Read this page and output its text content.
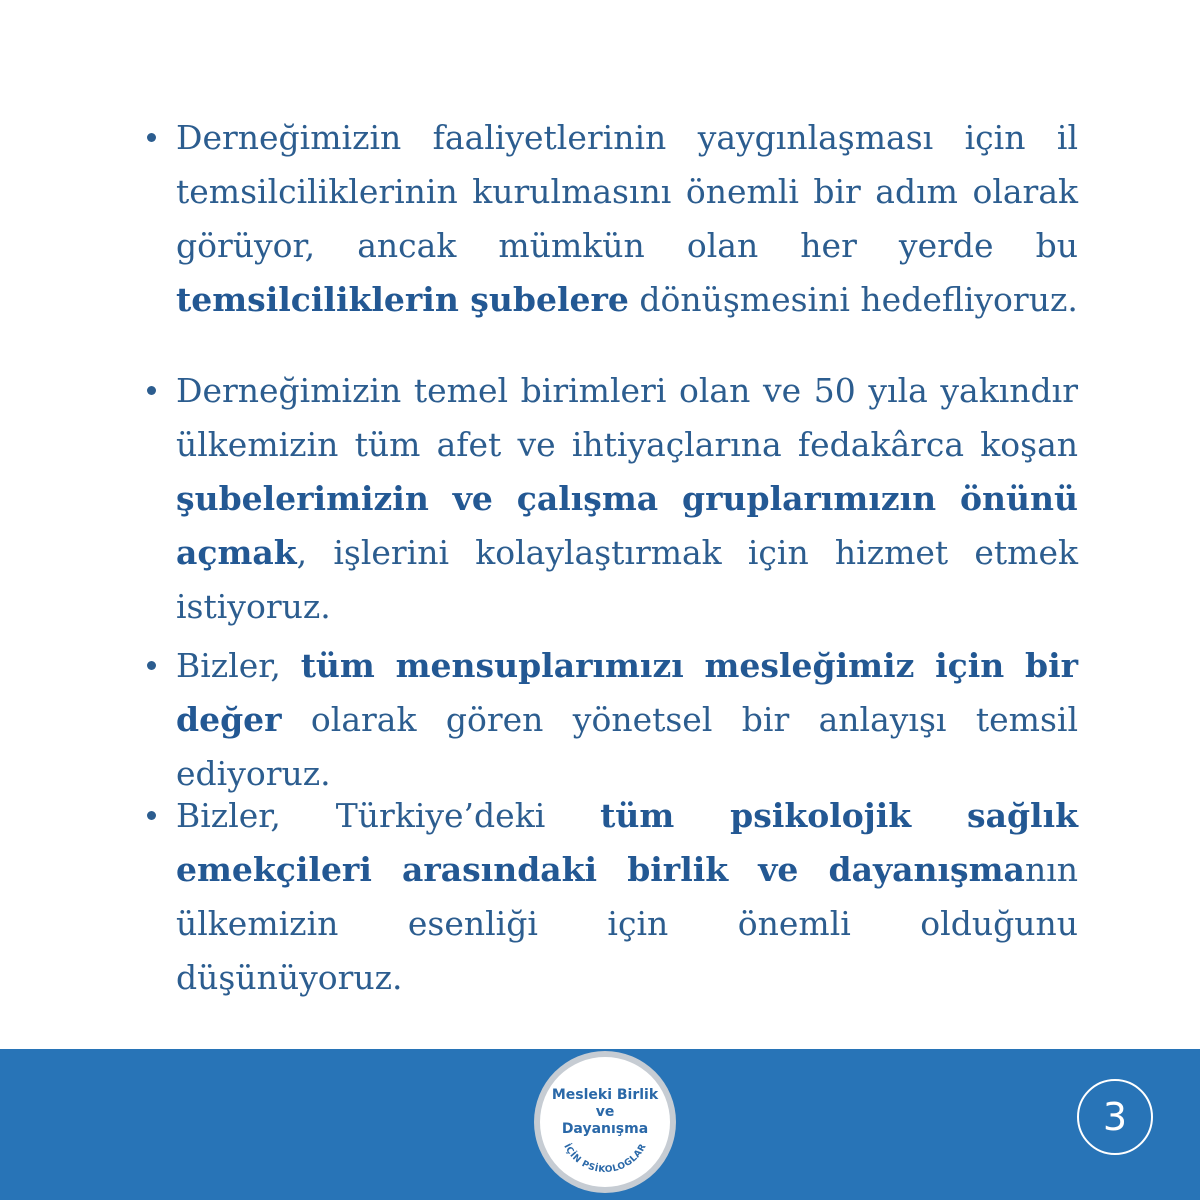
Derneğimizin faaliyetlerinin yaygınlaşması için il temsilciliklerinin kurulmasını önemli bir adım olarak görüyor, ancak mümkün olan her yerde bu temsilciliklerin şubelere dönüşmesini hedefliyoruz.
Derneğimizin temel birimleri olan ve 50 yıla yakındır ülkemizin tüm afet ve ihtiyaçlarına fedakârca koşan şubelerimizin ve çalışma gruplarımızın önünü açmak, işlerini kolaylaştırmak için hizmet etmek istiyoruz.
Bizler, tüm mensuplarımızı mesleğimiz için bir değer olarak gören yönetsel bir anlayışı temsil ediyoruz.
Bizler, Türkiye’deki tüm psikolojik sağlık emekçileri arasındaki birlik ve dayanışmanın ülkemizin esenliği için önemli olduğunu düşünüyoruz.
Mesleki Birlik
ve
Dayanışma
İÇİN PSİKOLOGLAR
3
